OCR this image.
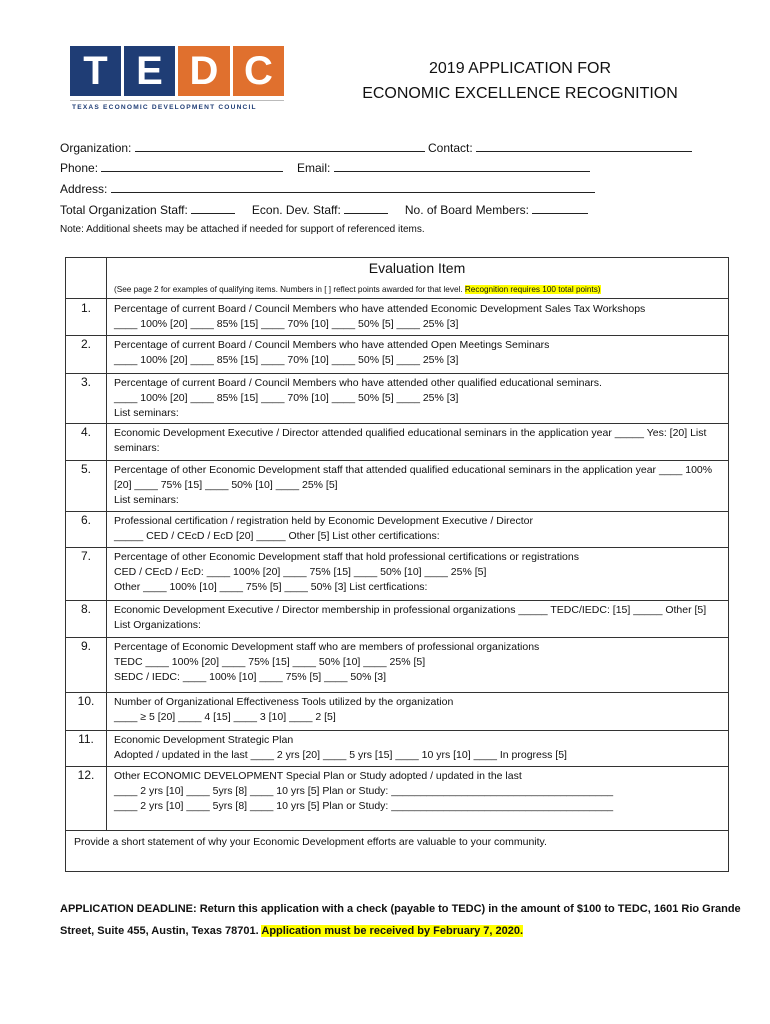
T E D C
TEXAS ECONOMIC DEVELOPMENT COUNCIL
2019 APPLICATION FOR
ECONOMIC EXCELLENCE RECOGNITION
Organization:	Contact:
Phone:	Email:
Address:
Total Organization Staff:	Econ. Dev. Staff:	No. of Board Members:
Note: Additional sheets may be attached if needed for support of referenced items.
Evaluation Item
(See page 2 for examples of qualifying items. Numbers in [ ] reflect points awarded for that level. Recognition requires 100 total points)
1.	Percentage of current Board / Council Members who have attended Economic Development Sales Tax Workshops
____ 100% [20] ____ 85% [15] ____ 70% [10] ____ 50% [5] ____ 25% [3]
2.	Percentage of current Board / Council Members who have attended Open Meetings Seminars
____ 100% [20] ____ 85% [15] ____ 70% [10] ____ 50% [5] ____ 25% [3]
3.	Percentage of current Board / Council Members who have attended other qualified educational seminars.
____ 100% [20] ____ 85% [15] ____ 70% [10] ____ 50% [5] ____ 25% [3]
List seminars:
4.	Economic Development Executive / Director attended qualified educational seminars in the application year _____ Yes: [20] List
seminars:
5.	Percentage of other Economic Development staff that attended qualified educational seminars in the application year ____ 100%
[20] ____ 75% [15] ____ 50% [10] ____ 25% [5]
List seminars:
6.	Professional certification / registration held by Economic Development Executive / Director
_____ CED / CEcD / EcD [20] _____ Other [5] List other certifications:
7.	Percentage of other Economic Development staff that hold professional certifications or registrations
CED / CEcD / EcD: ____ 100% [20] ____ 75% [15] ____ 50% [10] ____ 25% [5]
Other ____ 100% [10] ____ 75% [5] ____ 50% [3] List certfications:
8.	Economic Development Executive / Director membership in professional organizations _____ TEDC/IEDC: [15] _____ Other [5]
List Organizations:
9.	Percentage of Economic Development staff who are members of professional organizations
TEDC ____ 100% [20] ____ 75% [15] ____ 50% [10] ____ 25% [5]
SEDC / IEDC: ____ 100% [10] ____ 75% [5] ____ 50% [3]
10.	Number of Organizational Effectiveness Tools utilized by the organization
____ ≥ 5 [20] ____ 4 [15] ____ 3 [10] ____ 2 [5]
11.	Economic Development Strategic Plan
Adopted / updated in the last ____ 2 yrs [20] ____ 5 yrs [15] ____ 10 yrs [10] ____ In progress [5]
12.	Other ECONOMIC DEVELOPMENT Special Plan or Study adopted / updated in the last
____ 2 yrs [10] ____ 5yrs [8] ____ 10 yrs [5] Plan or Study: ______________________________________
____ 2 yrs [10] ____ 5yrs [8] ____ 10 yrs [5] Plan or Study: ______________________________________
Provide a short statement of why your Economic Development efforts are valuable to your community.
APPLICATION DEADLINE: Return this application with a check (payable to TEDC) in the amount of $100 to TEDC, 1601 Rio Grande
Street, Suite 455, Austin, Texas 78701. Application must be received by February 7, 2020.
